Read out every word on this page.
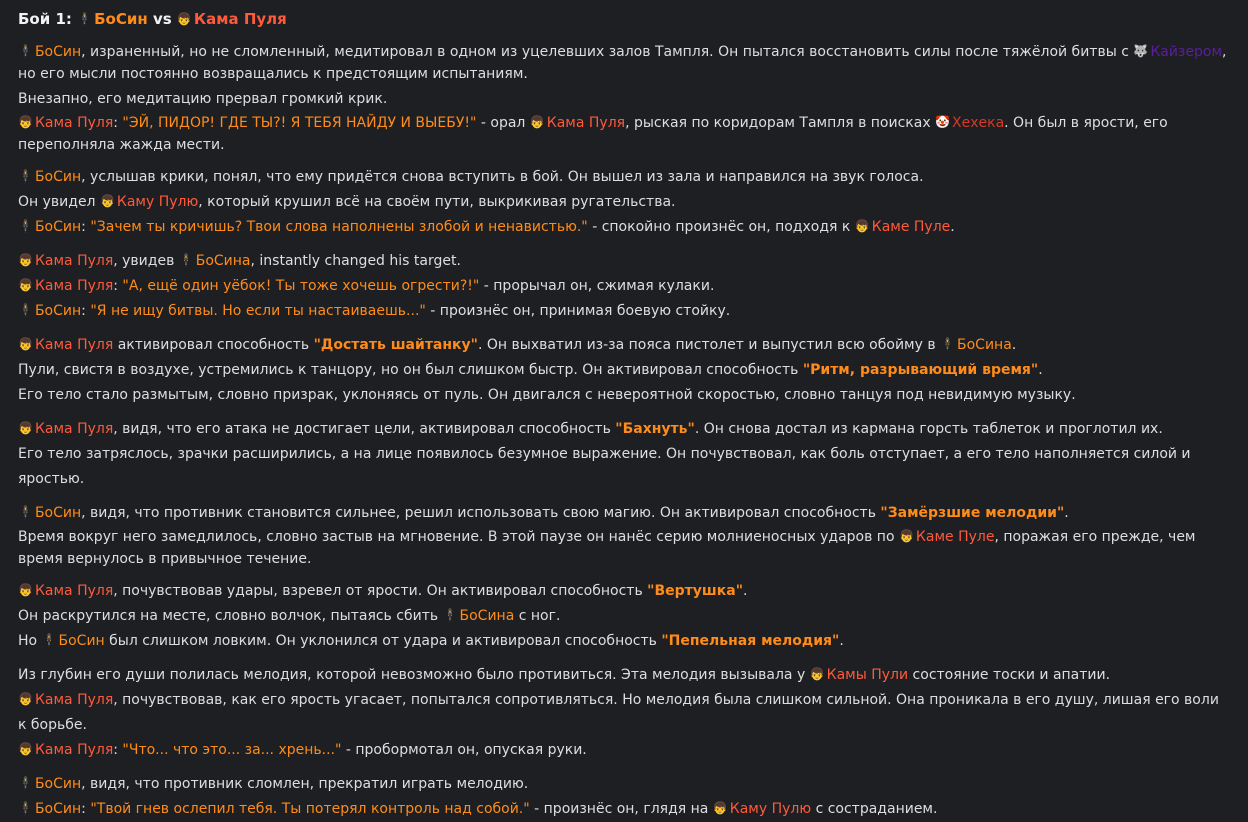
Бой 1: 🕴 БоСин vs 👦 Кама Пуля
🕴 БоСин, израненный, но не сломленный, медитировал в одном из уцелевших залов Тампля. Он пытался восстановить силы после тяжёлой битвы с 🐺 Кайзером, но его мысли постоянно возвращались к предстоящим испытаниям.
Внезапно, его медитацию прервал громкий крик.
👦 Кама Пуля: "ЭЙ, ПИДОР! ГДЕ ТЫ?! Я ТЕБЯ НАЙДУ И ВЫЕБУ!" - орал 👦 Кама Пуля, рыская по коридорам Тампля в поисках 🤡 Хехека. Он был в ярости, его переполняла жажда мести.
🕴 БоСин, услышав крики, понял, что ему придётся снова вступить в бой. Он вышел из зала и направился на звук голоса.
Он увидел 👦 Каму Пулю, который крушил всё на своём пути, выкрикивая ругательства.
🕴 БоСин: "Зачем ты кричишь? Твои слова наполнены злобой и ненавистью." - спокойно произнёс он, подходя к 👦 Каме Пуле.
👦 Кама Пуля, увидев 🕴 БоСина, instantly changed his target.
👦 Кама Пуля: "А, ещё один уёбок! Ты тоже хочешь огрести?!" - прорычал он, сжимая кулаки.
🕴 БоСин: "Я не ищу битвы. Но если ты настаиваешь..." - произнёс он, принимая боевую стойку.
👦 Кама Пуля активировал способность "Достать шайтанку". Он выхватил из-за пояса пистолет и выпустил всю обойму в 🕴 БоСина.
Пули, свистя в воздухе, устремились к танцору, но он был слишком быстр. Он активировал способность "Ритм, разрывающий время".
Его тело стало размытым, словно призрак, уклоняясь от пуль. Он двигался с невероятной скоростью, словно танцуя под невидимую музыку.
👦 Кама Пуля, видя, что его атака не достигает цели, активировал способность "Бахнуть". Он снова достал из кармана горсть таблеток и проглотил их.
Его тело затряслось, зрачки расширились, а на лице появилось безумное выражение. Он почувствовал, как боль отступает, а его тело наполняется силой и яростью.
🕴 БоСин, видя, что противник становится сильнее, решил использовать свою магию. Он активировал способность "Замёрзшие мелодии".
Время вокруг него замедлилось, словно застыв на мгновение. В этой паузе он нанёс серию молниеносных ударов по 👦 Каме Пуле, поражая его прежде, чем время вернулось в привычное течение.
👦 Кама Пуля, почувствовав удары, взревел от ярости. Он активировал способность "Вертушка".
Он раскрутился на месте, словно волчок, пытаясь сбить 🕴 БоСина с ног.
Но 🕴 БоСин был слишком ловким. Он уклонился от удара и активировал способность "Пепельная мелодия".
Из глубин его души полилась мелодия, которой невозможно было противиться. Эта мелодия вызывала у 👦 Камы Пули состояние тоски и апатии.
👦 Кама Пуля, почувствовав, как его ярость угасает, попытался сопротивляться. Но мелодия была слишком сильной. Она проникала в его душу, лишая его воли к борьбе.
👦 Кама Пуля: "Что... что это... за... хрень..." - пробормотал он, опуская руки.
🕴 БоСин, видя, что противник сломлен, прекратил играть мелодию.
🕴 БоСин: "Твой гнев ослепил тебя. Ты потерял контроль над собой." - произнёс он, глядя на 👦 Каму Пулю с состраданием.
